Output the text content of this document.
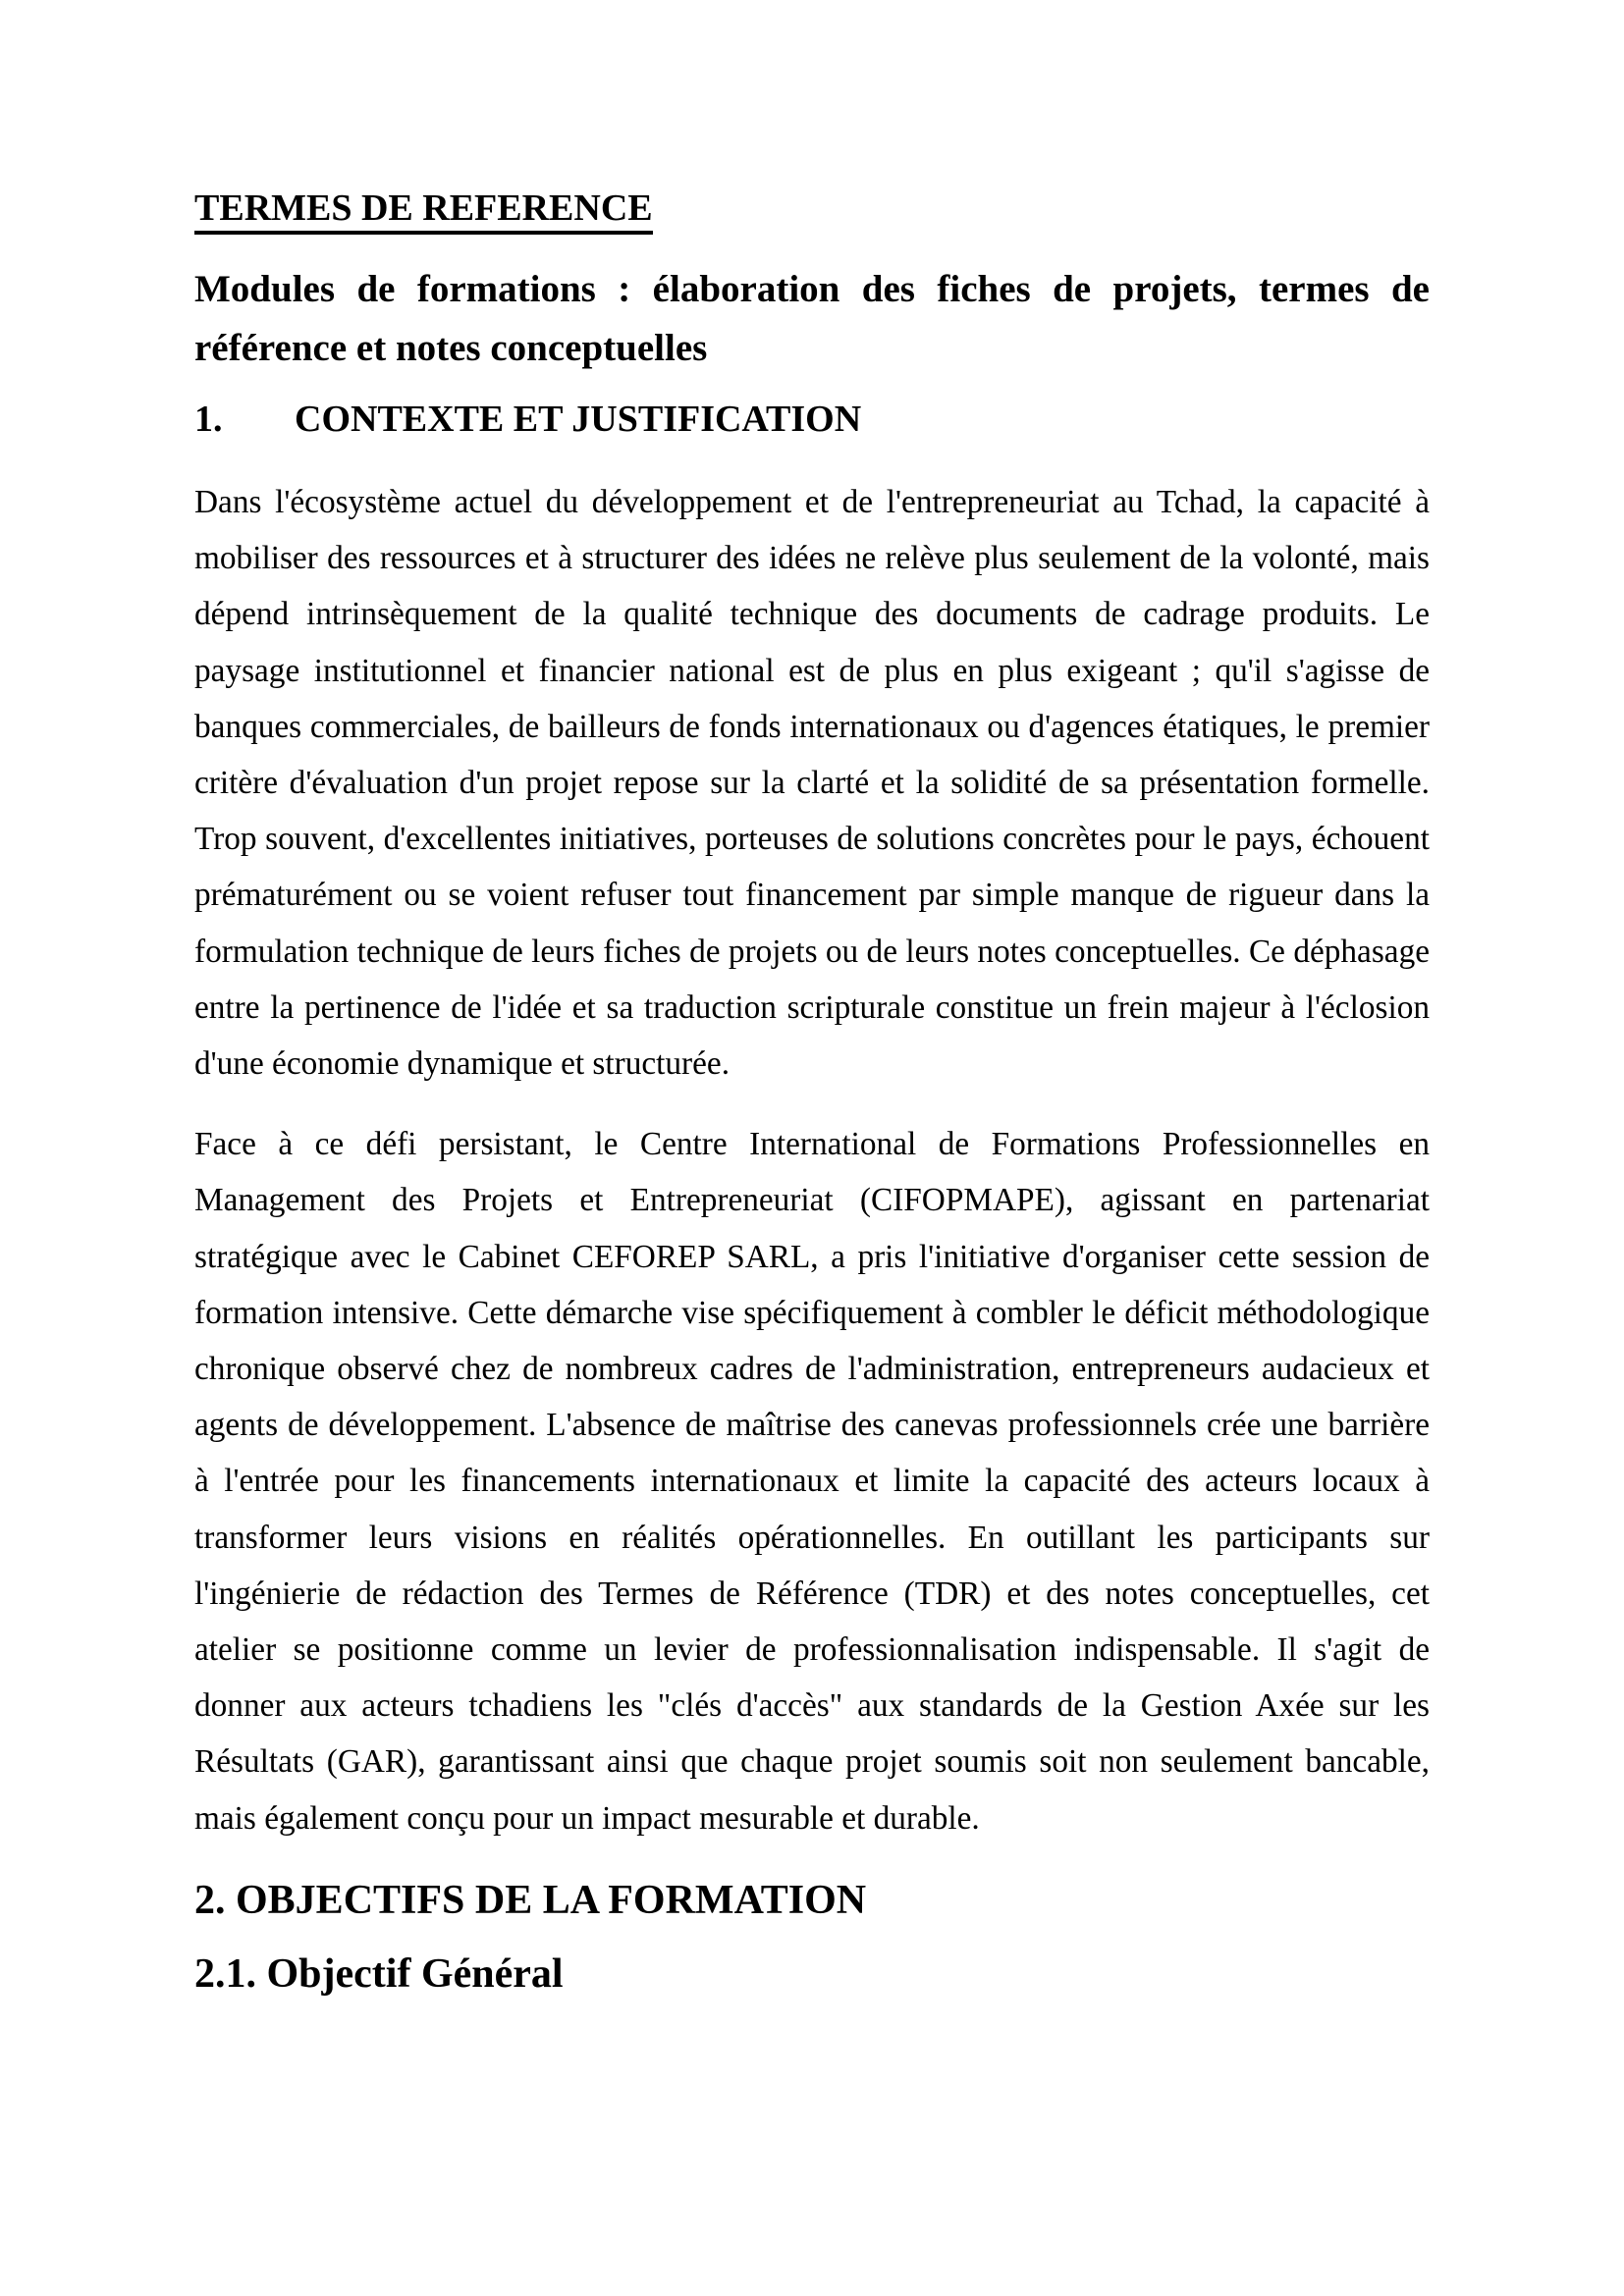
TERMES DE REFERENCE

Modules de formations : élaboration des fiches de projets, termes de référence et notes conceptuelles

1. CONTEXTE ET JUSTIFICATION

Dans l'écosystème actuel du développement et de l'entrepreneuriat au Tchad, la capacité à mobiliser des ressources et à structurer des idées ne relève plus seulement de la volonté, mais dépend intrinsèquement de la qualité technique des documents de cadrage produits. Le paysage institutionnel et financier national est de plus en plus exigeant ; qu'il s'agisse de banques commerciales, de bailleurs de fonds internationaux ou d'agences étatiques, le premier critère d'évaluation d'un projet repose sur la clarté et la solidité de sa présentation formelle. Trop souvent, d'excellentes initiatives, porteuses de solutions concrètes pour le pays, échouent prématurément ou se voient refuser tout financement par simple manque de rigueur dans la formulation technique de leurs fiches de projets ou de leurs notes conceptuelles. Ce déphasage entre la pertinence de l'idée et sa traduction scripturale constitue un frein majeur à l'éclosion d'une économie dynamique et structurée.

Face à ce défi persistant, le Centre International de Formations Professionnelles en Management des Projets et Entrepreneuriat (CIFOPMAPE), agissant en partenariat stratégique avec le Cabinet CEFOREP SARL, a pris l'initiative d'organiser cette session de formation intensive. Cette démarche vise spécifiquement à combler le déficit méthodologique chronique observé chez de nombreux cadres de l'administration, entrepreneurs audacieux et agents de développement. L'absence de maîtrise des canevas professionnels crée une barrière à l'entrée pour les financements internationaux et limite la capacité des acteurs locaux à transformer leurs visions en réalités opérationnelles. En outillant les participants sur l'ingénierie de rédaction des Termes de Référence (TDR) et des notes conceptuelles, cet atelier se positionne comme un levier de professionnalisation indispensable. Il s'agit de donner aux acteurs tchadiens les "clés d'accès" aux standards de la Gestion Axée sur les Résultats (GAR), garantissant ainsi que chaque projet soumis soit non seulement bancable, mais également conçu pour un impact mesurable et durable.

2. OBJECTIFS DE LA FORMATION
2.1. Objectif Général
